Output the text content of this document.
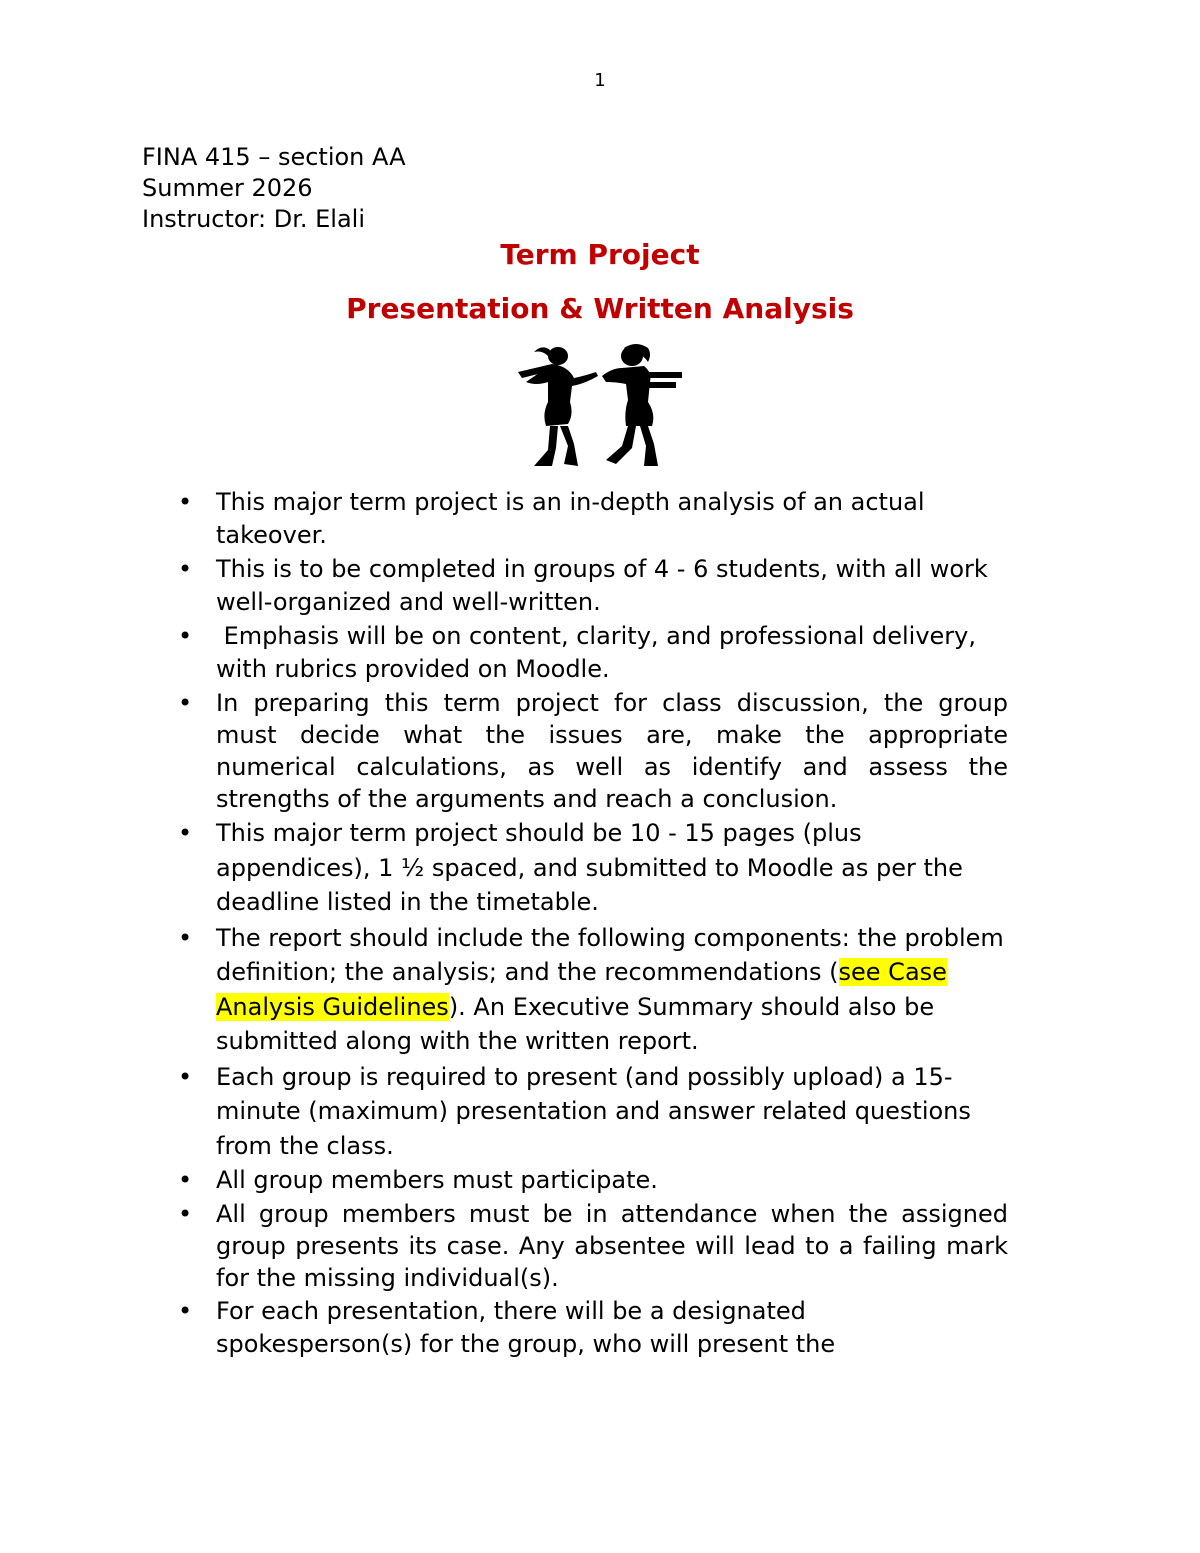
1
FINA 415 – section AA
Summer 2026
Instructor: Dr. Elali
Term Project
Presentation & Written Analysis
• This major term project is an in-depth analysis of an actual takeover.
• This is to be completed in groups of 4 - 6 students, with all work well-organized and well-written.
• Emphasis will be on content, clarity, and professional delivery, with rubrics provided on Moodle.
• In preparing this term project for class discussion, the group must decide what the issues are, make the appropriate numerical calculations, as well as identify and assess the strengths of the arguments and reach a conclusion.
• This major term project should be 10 - 15 pages (plus appendices), 1 ½ spaced, and submitted to Moodle as per the deadline listed in the timetable.
• The report should include the following components: the problem definition; the analysis; and the recommendations (see Case Analysis Guidelines). An Executive Summary should also be submitted along with the written report.
• Each group is required to present (and possibly upload) a 15-minute (maximum) presentation and answer related questions from the class.
• All group members must participate.
• All group members must be in attendance when the assigned group presents its case. Any absentee will lead to a failing mark for the missing individual(s).
• For each presentation, there will be a designated spokesperson(s) for the group, who will present the
